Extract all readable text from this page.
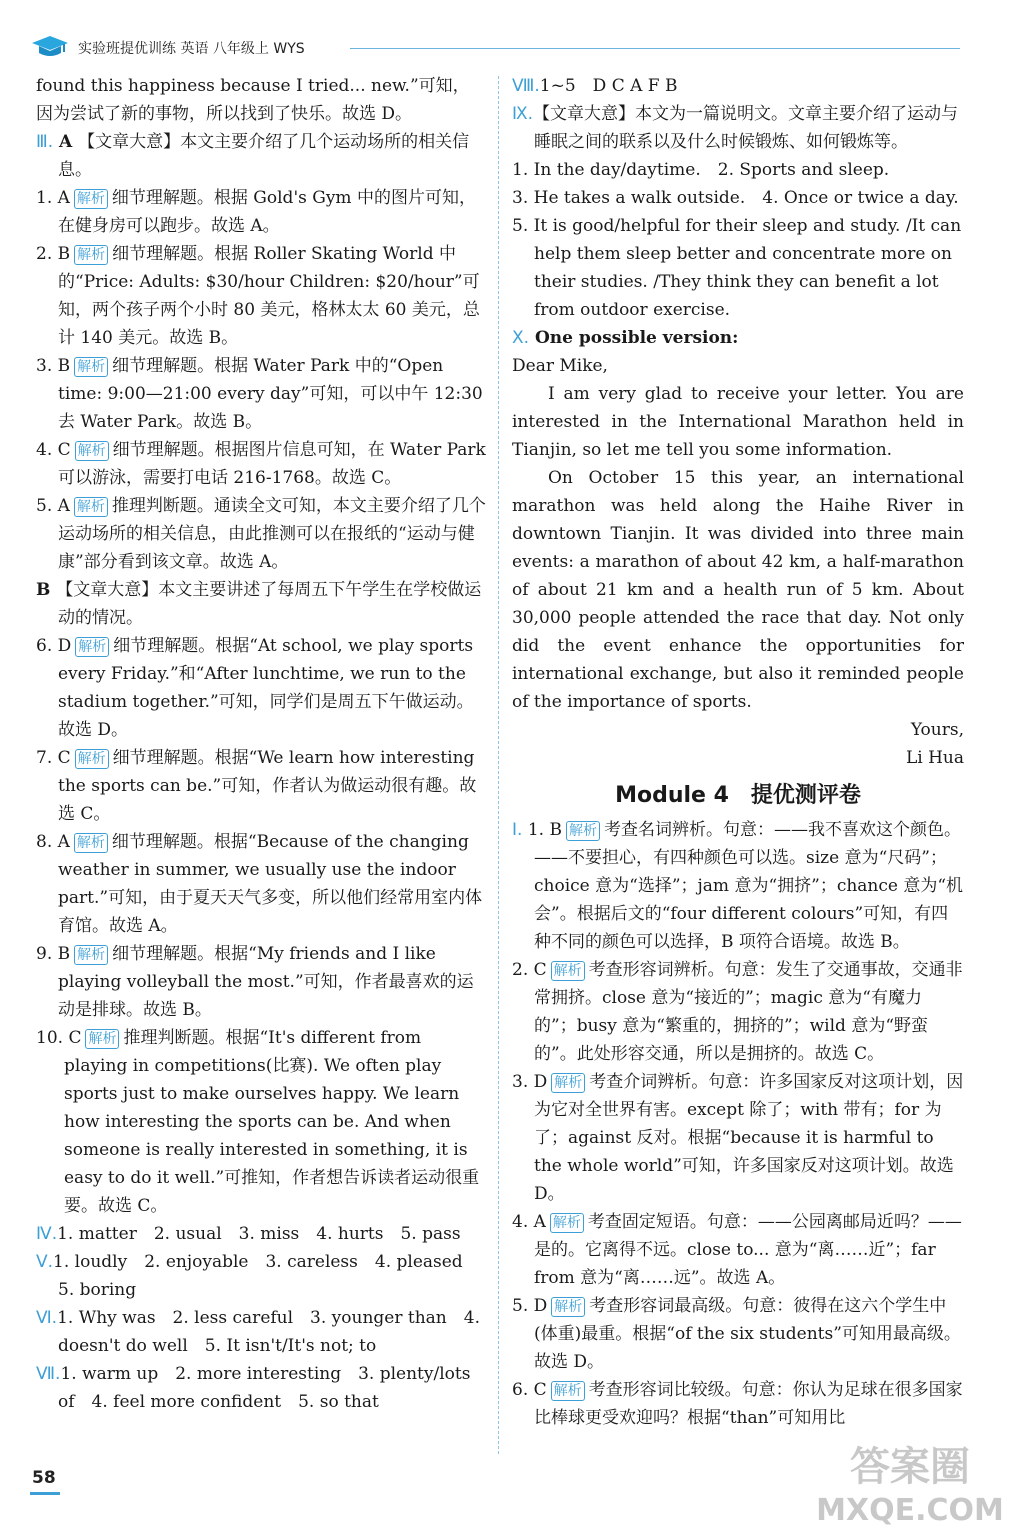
实验班提优训练 英语 八年级上 WYS

found this happiness because I tried... new.”可知，

因为尝试了新的事物，所以找到了快乐。故选 D。

Ⅲ. A 【文章大意】本文主要介绍了几个运动场所的相关信息。

1. A 解析 细节理解题。根据 Gold's Gym 中的图片可知，在健身房可以跑步。故选 A。

2. B 解析 细节理解题。根据 Roller Skating World 中的“Price: Adults: $30/hour Children: $20/hour”可知，两个孩子两个小时 80 美元，格林太太 60 美元，总计 140 美元。故选 B。

3. B 解析 细节理解题。根据 Water Park 中的“Open time: 9:00—21:00 every day”可知，可以中午 12:30 去 Water Park。故选 B。

4. C 解析 细节理解题。根据图片信息可知，在 Water Park 可以游泳，需要打电话 216-1768。故选 C。

5. A 解析 推理判断题。通读全文可知，本文主要介绍了几个运动场所的相关信息，由此推测可以在报纸的“运动与健康”部分看到该文章。故选 A。

B 【文章大意】本文主要讲述了每周五下午学生在学校做运动的情况。

6. D 解析 细节理解题。根据“At school, we play sports every Friday.”和“After lunchtime, we run to the stadium together.”可知，同学们是周五下午做运动。故选 D。

7. C 解析 细节理解题。根据“We learn how interesting the sports can be.”可知，作者认为做运动很有趣。故选 C。

8. A 解析 细节理解题。根据“Because of the changing weather in summer, we usually use the indoor part.”可知，由于夏天天气多变，所以他们经常用室内体育馆。故选 A。

9. B 解析 细节理解题。根据“My friends and I like playing volleyball the most.”可知，作者最喜欢的运动是排球。故选 B。

10. C 解析 推理判断题。根据“It's different from playing in competitions(比赛). We often play sports just to make ourselves happy. We learn how interesting the sports can be. And when someone is really interested in something, it is easy to do it well.”可推知，作者想告诉读者运动很重要。故选 C。

Ⅳ.1. matter　2. usual　3. miss　4. hurts　5. pass

Ⅴ.1. loudly　2. enjoyable　3. careless　4. pleased　5. boring

Ⅵ.1. Why was　2. less careful　3. younger than　4. doesn't do well　5. It isn't/It's not; to

Ⅶ.1. warm up　2. more interesting　3. plenty/lots of　4. feel more confident　5. so that

Ⅷ.1~5　D C A F B

Ⅸ.【文章大意】本文为一篇说明文。文章主要介绍了运动与睡眠之间的联系以及什么时候锻炼、如何锻炼等。

1. In the day/daytime.　2. Sports and sleep.

3. He takes a walk outside.　4. Once or twice a day.

5. It is good/helpful for their sleep and study. /It can help them sleep better and concentrate more on their studies. /They think they can benefit a lot from outdoor exercise.

Ⅹ. One possible version:

Dear Mike,

I am very glad to receive your letter. You are interested in the International Marathon held in Tianjin, so let me tell you some information.

On October 15 this year, an international marathon was held along the Haihe River in downtown Tianjin. It was divided into three main events: a marathon of about 42 km, a half-marathon of about 21 km and a health run of 5 km. About 30,000 people attended the race that day. Not only did the event enhance the opportunities for international exchange, but also it reminded people of the importance of sports.

Yours,

Li Hua

Module 4　提优测评卷

Ⅰ. 1. B 解析 考查名词辨析。句意：——我不喜欢这个颜色。——不要担心，有四种颜色可以选。size 意为“尺码”；choice 意为“选择”；jam 意为“拥挤”；chance 意为“机会”。根据后文的“four different colours”可知，有四种不同的颜色可以选择，B 项符合语境。故选 B。

2. C 解析 考查形容词辨析。句意：发生了交通事故，交通非常拥挤。close 意为“接近的”；magic 意为“有魔力的”；busy 意为“繁重的，拥挤的”；wild 意为“野蛮的”。此处形容交通，所以是拥挤的。故选 C。

3. D 解析 考查介词辨析。句意：许多国家反对这项计划，因为它对全世界有害。except 除了；with 带有；for 为了；against 反对。根据“because it is harmful to the whole world”可知，许多国家反对这项计划。故选 D。

4. A 解析 考查固定短语。句意：——公园离邮局近吗？——是的。它离得不远。close to... 意为“离……近”；far from 意为“离……远”。故选 A。

5. D 解析 考查形容词最高级。句意：彼得在这六个学生中(体重)最重。根据“of the six students”可知用最高级。故选 D。

6. C 解析 考查形容词比较级。句意：你认为足球在很多国家比棒球更受欢迎吗？根据“than”可知用比

58	答案圈
MXQE.COM
